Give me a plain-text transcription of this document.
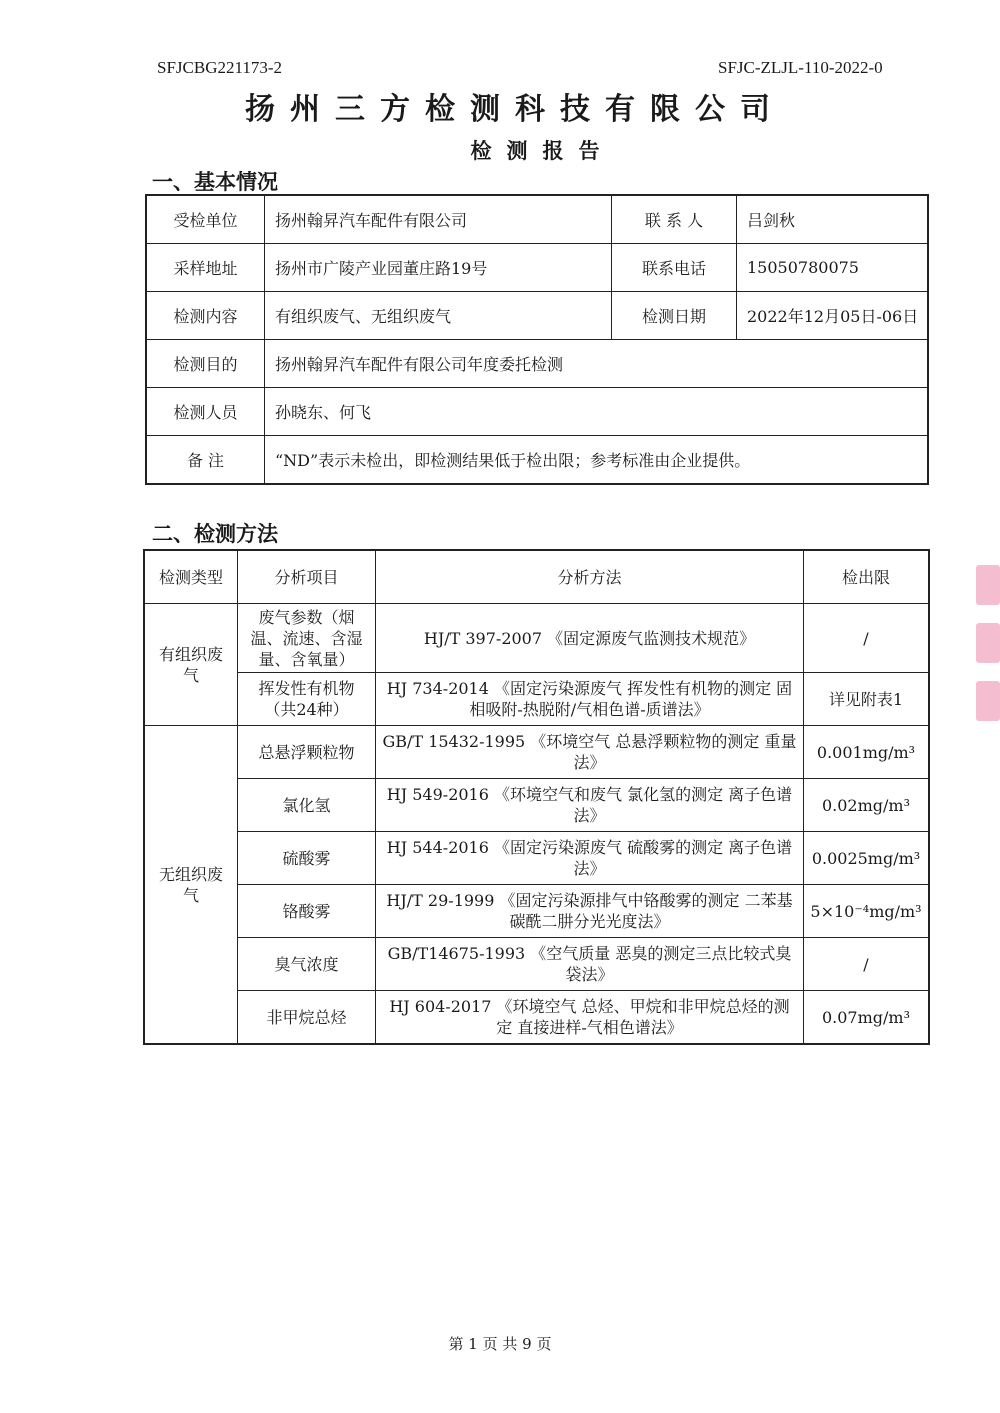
SFJCBG221173-2	SFJC-ZLJL-110-2022-0
扬州三方检测科技有限公司
检测报告
一、基本情况
受检单位	扬州翰昇汽车配件有限公司	联 系 人	吕剑秋
采样地址	扬州市广陵产业园董庄路19号	联系电话	15050780075
检测内容	有组织废气、无组织废气	检测日期	2022年12月05日-06日
检测目的	扬州翰昇汽车配件有限公司年度委托检测		
检测人员	孙晓东、何飞		
备 注	“ND”表示未检出，即检测结果低于检出限；参考标准由企业提供。		
二、检测方法
检测类型	分析项目	分析方法	检出限
有组织废气	废气参数（烟温、流速、含湿量、含氧量）	HJ/T 397-2007 《固定源废气监测技术规范》	/
	挥发性有机物（共24种）	HJ 734-2014 《固定污染源废气 挥发性有机物的测定 固相吸附-热脱附/气相色谱-质谱法》	详见附表1
无组织废气	总悬浮颗粒物	GB/T 15432-1995 《环境空气 总悬浮颗粒物的测定 重量法》	0.001mg/m³
	氯化氢	HJ 549-2016 《环境空气和废气 氯化氢的测定 离子色谱法》	0.02mg/m³
	硫酸雾	HJ 544-2016 《固定污染源废气 硫酸雾的测定 离子色谱法》	0.0025mg/m³
	铬酸雾	HJ/T 29-1999 《固定污染源排气中铬酸雾的测定 二苯基碳酰二肼分光光度法》	5×10⁻⁴mg/m³
	臭气浓度	GB/T14675-1993 《空气质量 恶臭的测定三点比较式臭袋法》	/
	非甲烷总烃	HJ 604-2017 《环境空气 总烃、甲烷和非甲烷总烃的测定 直接进样-气相色谱法》	0.07mg/m³
第 1 页 共 9 页
